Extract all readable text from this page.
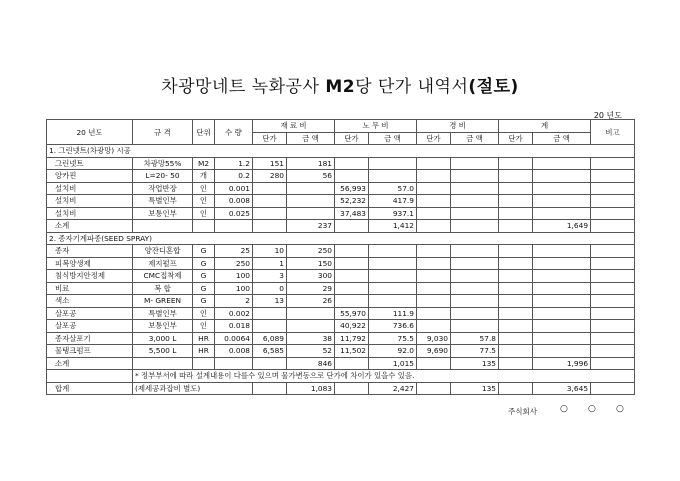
차광망네트 녹화공사 M2당 단가 내역서(절토)
20 년도
20 년도	규 격	단위	수 량	재 료 비		노 무 비		경 비		계		비고
				단가	금 액	단가	금 액	단가	금 액	단가	금 액	
1. 그린넷트(차광망) 시공												
그린넷트	차광망55%	M2	1.2	151	181							
앙카핀	L=20- 50	개	0.2	280	56							
설치비	작업반장	인	0.001			56,993	57.0					
설치비	특별인부	인	0.008			52,232	417.9					
설치비	보통인부	인	0.025			37,483	937.1					
소계					237		1,412				1,649	
2. 종자기계파종(SEED SPRAY)												
종자	양잔디혼합	G	25	10	250							
피복양생제	제지펄프	G	250	1	150							
침식방지안정제	CMC접착제	G	100	3	300							
비료	복 합	G	100	0	29							
색소	M- GREEN	G	2	13	26							
살포공	특별인부	인	0.002			55,970	111.9					
살포공	보통인부	인	0.018			40,922	736.6					
종자살포기	3,000 L	HR	0.0064	6,089	38	11,792	75.5	9,030	57.8			
물탱크펌프	5,500 L	HR	0.008	6,585	52	11,502	92.0	9,690	77.5			
소계					846		1,015		135		1,996	
	* 정부부서에 따라 설계내용이 다를수 있으며 물가변동으로 단가에 차이가 있을수 있음.											
합계	(제세공과잡비 별도)				1,083		2,427		135		3,645	
주식회사	○ ○ ○
